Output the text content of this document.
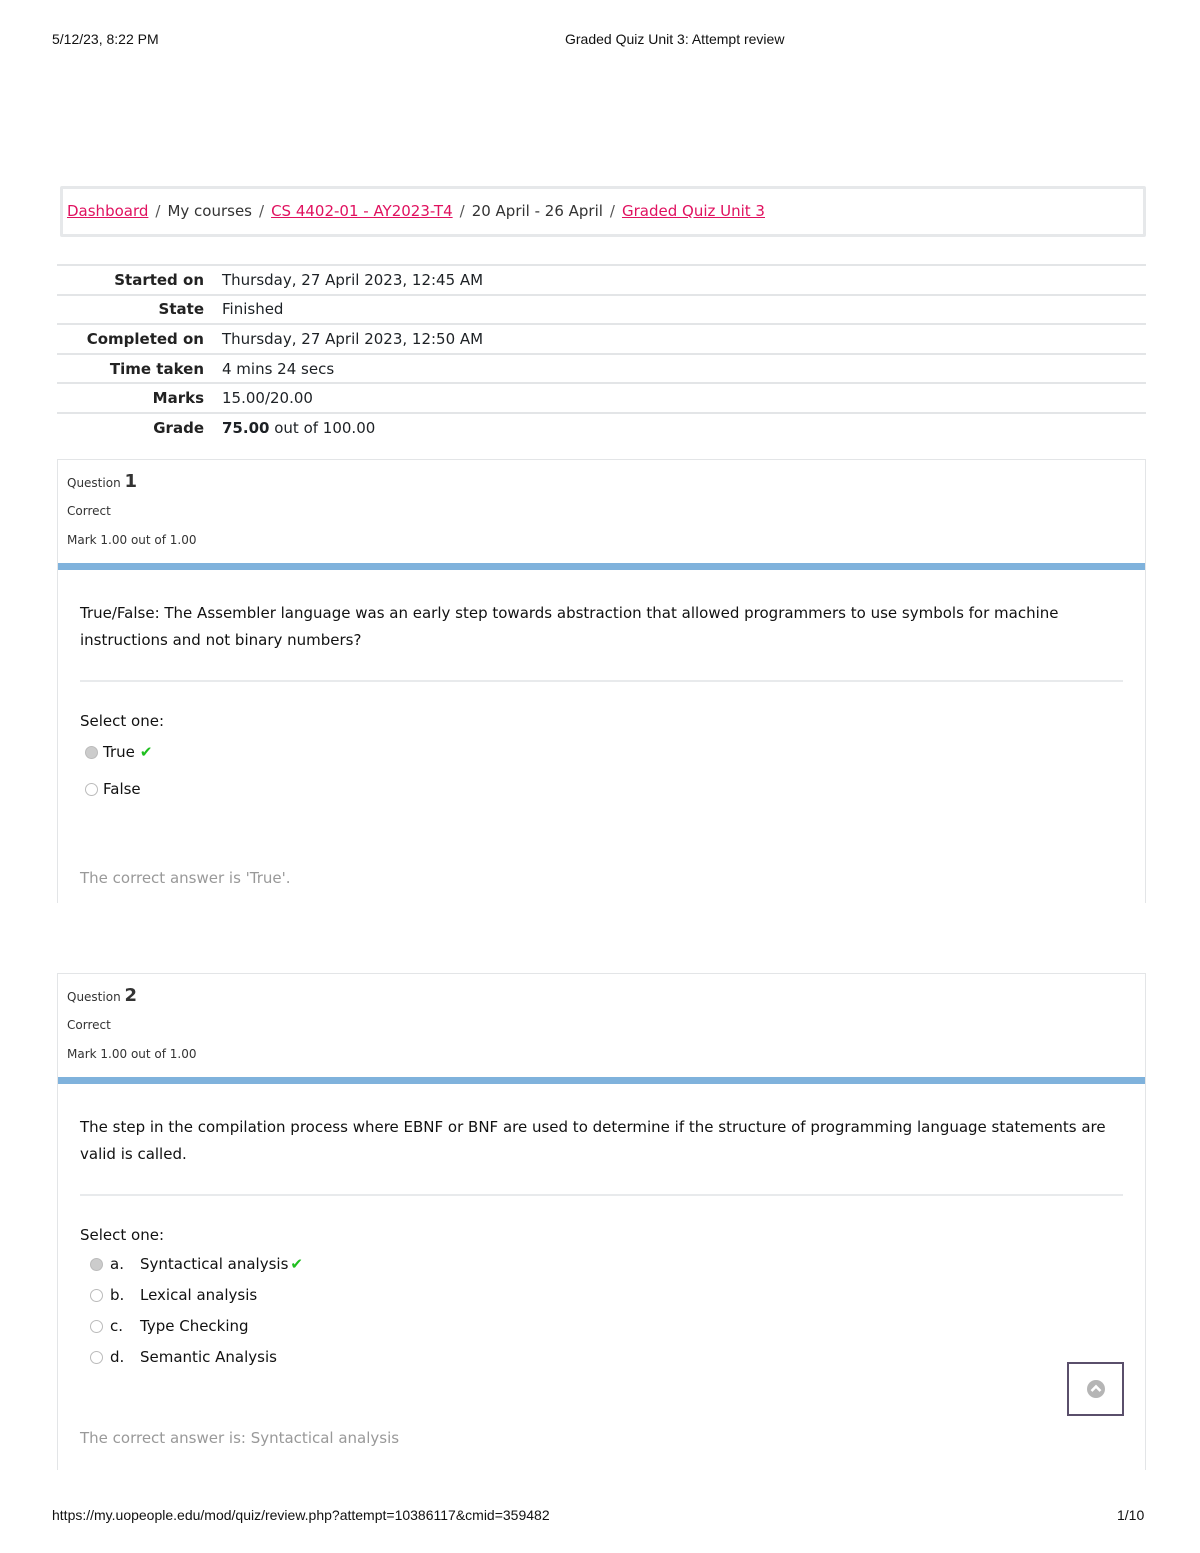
5/12/23, 8:22 PM	Graded Quiz Unit 3: Attempt review
Dashboard / My courses / CS 4402-01 - AY2023-T4 / 20 April - 26 April / Graded Quiz Unit 3
Started on	Thursday, 27 April 2023, 12:45 AM
State	Finished
Completed on	Thursday, 27 April 2023, 12:50 AM
Time taken	4 mins 24 secs
Marks	15.00/20.00
Grade	75.00 out of 100.00
Question 1
Correct
Mark 1.00 out of 1.00
True/False: The Assembler language was an early step towards abstraction that allowed programmers to use symbols for machine instructions and not binary numbers?
Select one:
True ✔
False
The correct answer is 'True'.
Question 2
Correct
Mark 1.00 out of 1.00
The step in the compilation process where EBNF or BNF are used to determine if the structure of programming language statements are valid is called.
Select one:
a.	Syntactical analysis ✔
b.	Lexical analysis
c.	Type Checking
d.	Semantic Analysis
The correct answer is: Syntactical analysis
https://my.uopeople.edu/mod/quiz/review.php?attempt=10386117&cmid=359482	1/10
